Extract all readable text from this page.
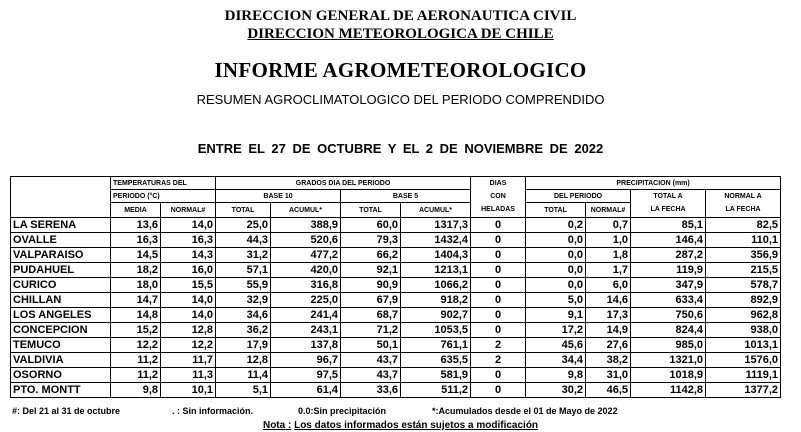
DIRECCION GENERAL DE AERONAUTICA CIVIL
DIRECCION METEOROLOGICA DE CHILE
INFORME AGROMETEOROLOGICO
RESUMEN AGROCLIMATOLOGICO DEL PERIODO COMPRENDIDO
ENTRE EL 27 DE OCTUBRE Y EL 2 DE NOVIEMBRE DE 2022
	TEMPERATURAS DEL		GRADOS DIA DEL PERIODO				DIAS	PRECIPITACION (mm)			
	PERIODO (°C)		BASE 10		BASE 5		CON	DEL PERIODO		TOTAL A	NORMAL A
	MEDIA	NORMAL#	TOTAL	ACUMUL*	TOTAL	ACUMUL*	HELADAS	TOTAL	NORMAL#	LA FECHA	LA FECHA
LA SERENA	13,6	14,0	25,0	388,9	60,0	1317,3	0	0,2	0,7	85,1	82,5
OVALLE	16,3	16,3	44,3	520,6	79,3	1432,4	0	0,0	1,0	146,4	110,1
VALPARAISO	14,5	14,3	31,2	477,2	66,2	1404,3	0	0,0	1,8	287,2	356,9
PUDAHUEL	18,2	16,0	57,1	420,0	92,1	1213,1	0	0,0	1,7	119,9	215,5
CURICO	18,0	15,5	55,9	316,8	90,9	1066,2	0	0,0	6,0	347,9	578,7
CHILLAN	14,7	14,0	32,9	225,0	67,9	918,2	0	5,0	14,6	633,4	892,9
LOS ANGELES	14,8	14,0	34,6	241,4	68,7	902,7	0	9,1	17,3	750,6	962,8
CONCEPCION	15,2	12,8	36,2	243,1	71,2	1053,5	0	17,2	14,9	824,4	938,0
TEMUCO	12,2	12,2	17,9	137,8	50,1	761,1	2	45,6	27,6	985,0	1013,1
VALDIVIA	11,2	11,7	12,8	96,7	43,7	635,5	2	34,4	38,2	1321,0	1576,0
OSORNO	11,2	11,3	11,4	97,5	43,7	581,9	0	9,8	31,0	1018,9	1119,1
PTO. MONTT	9,8	10,1	5,1	61,4	33,6	511,2	0	30,2	46,5	1142,8	1377,2
#: Del 21 al 31 de octubre	. : Sin información.	0.0:Sin precipitación	*:Acumulados desde el 01 de Mayo de 2022
Nota : Los datos informados están sujetos a modificación
